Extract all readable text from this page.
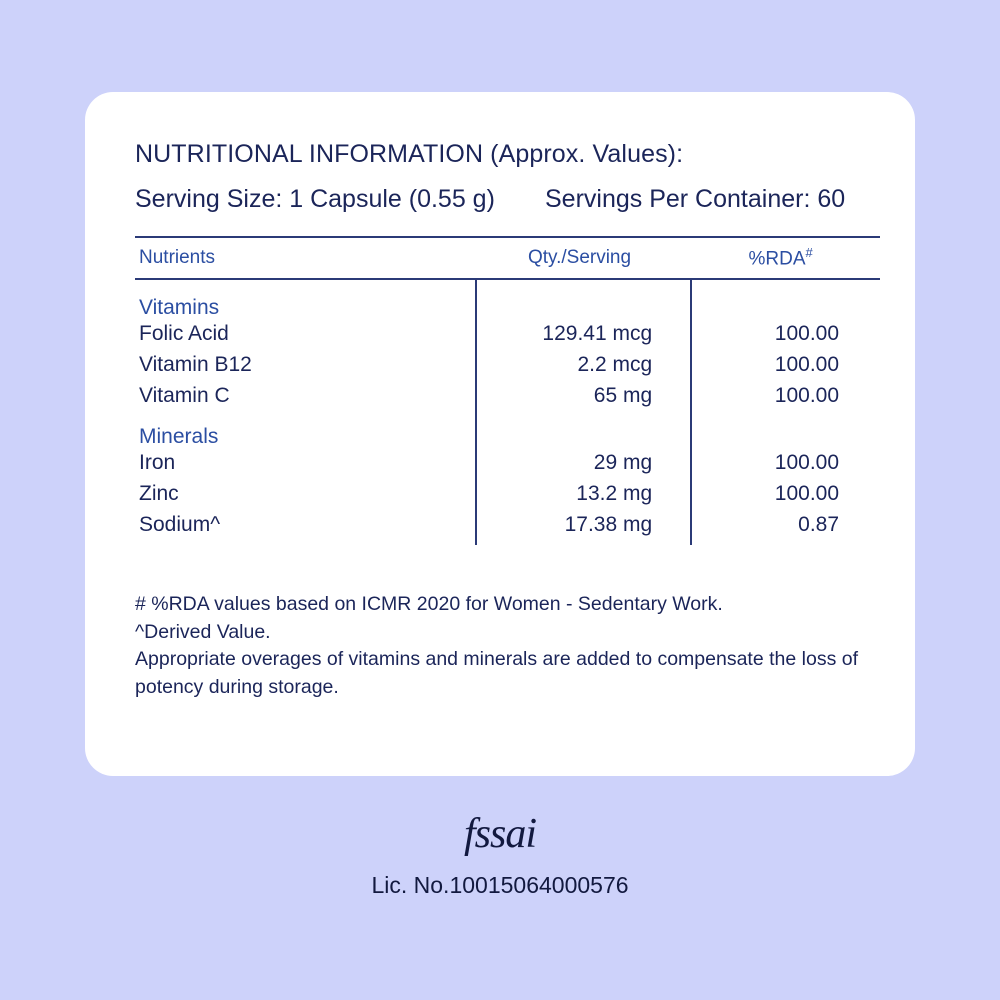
NUTRITIONAL INFORMATION (Approx. Values):
Serving Size: 1 Capsule (0.55 g)	Servings Per Container: 60
Nutrients	Qty./Serving	%RDA#
Vitamins
Folic Acid	129.41 mcg	100.00
Vitamin B12	2.2 mcg	100.00
Vitamin C	65 mg	100.00
Minerals
Iron	29 mg	100.00
Zinc	13.2 mg	100.00
Sodium^	17.38 mg	0.87
# %RDA values based on ICMR 2020 for Women - Sedentary Work.
^Derived Value.
Appropriate overages of vitamins and minerals are added to compensate the loss of potency during storage.
fssai
Lic. No.10015064000576
